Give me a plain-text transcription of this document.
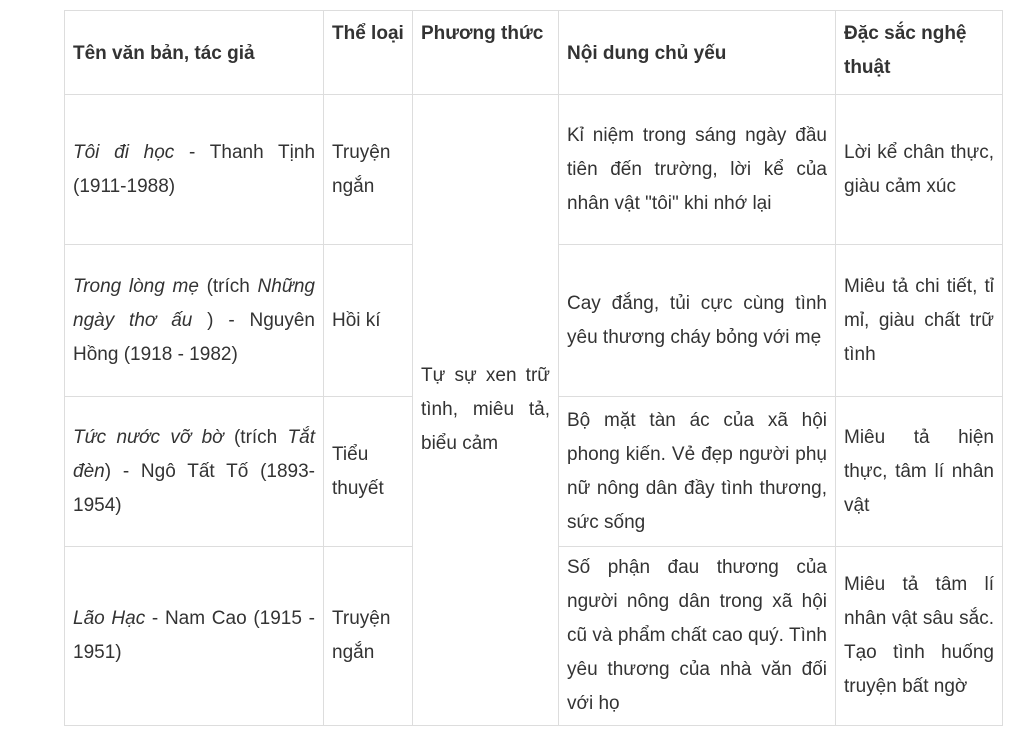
Tên văn bản, tác giả	Thể loại	Phương thức	Nội dung chủ yếu	Đặc sắc nghệ thuật
Tôi đi học - Thanh Tịnh (1911-1988)	Truyện ngắn	Tự sự xen trữ tình, miêu tả, biểu cảm	Kỉ niệm trong sáng ngày đầu tiên đến trường, lời kể của nhân vật "tôi" khi nhớ lại	Lời kể chân thực, giàu cảm xúc
Trong lòng mẹ (trích Những ngày thơ ấu ) - Nguyên Hồng (1918 - 1982)	Hồi kí		Cay đắng, tủi cực cùng tình yêu thương cháy bỏng với mẹ	Miêu tả chi tiết, tỉ mỉ, giàu chất trữ tình
Tức nước vỡ bờ (trích Tắt đèn) - Ngô Tất Tố (1893-1954)	Tiểu thuyết		Bộ mặt tàn ác của xã hội phong kiến. Vẻ đẹp người phụ nữ nông dân đầy tình thương, sức sống	Miêu tả hiện thực, tâm lí nhân vật
Lão Hạc - Nam Cao (1915 - 1951)	Truyện ngắn		Số phận đau thương của người nông dân trong xã hội cũ và phẩm chất cao quý. Tình yêu thương của nhà văn đối với họ	Miêu tả tâm lí nhân vật sâu sắc. Tạo tình huống truyện bất ngờ
